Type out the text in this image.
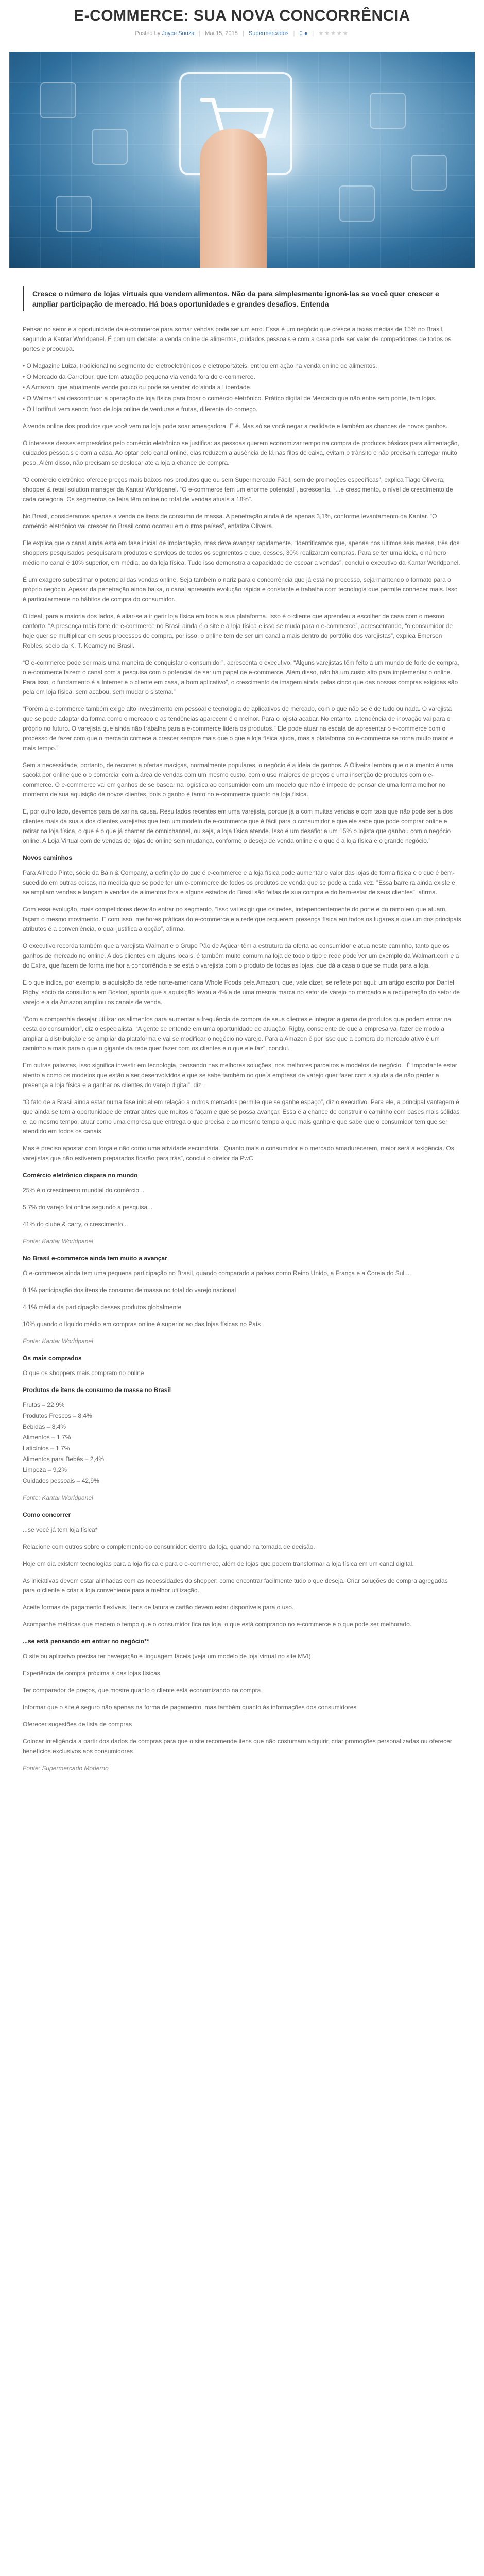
E-COMMERCE: SUA NOVA CONCORRÊNCIA
Posted by Joyce Souza | Mai 15, 2015 | Supermercados | 0 ● | ★★★★★
Cresce o número de lojas virtuais que vendem alimentos. Não da para simplesmente ignorá-las se você quer crescer e ampliar participação de mercado. Há boas oportunidades e grandes desafios. Entenda

Pensar no setor e a oportunidade da e-commerce para somar vendas pode ser um erro. Essa é um negócio que cresce a taxas médias de 15% no Brasil, segundo a Kantar Worldpanel. É com um debate: a venda online de alimentos, cuidados pessoais e com a casa pode ser valer de competidores de todos os portes e preocupa.

• O Magazine Luiza, tradicional no segmento de eletroeletrônicos e eletroportáteis, entrou em ação na venda online de alimentos.
• O Mercado da Carrefour, que tem atuação pequena via venda fora do e-commerce.
• A Amazon, que atualmente vende pouco ou pode se vender do ainda a Liberdade.
• O Walmart vai descontinuar a operação de loja física para focar o comércio eletrônico. Prático digital de Mercado que não entre sem ponte, tem lojas.
• O Hortifruti vem sendo foco de loja online de verduras e frutas, diferente do começo.

A venda online dos produtos que você vem na loja pode soar ameaçadora. E é. Mas só se você negar a realidade e também as chances de novos ganhos.

O interesse desses empresários pelo comércio eletrônico se justifica: as pessoas querem economizar tempo na compra de produtos básicos para alimentação, cuidados pessoais e com a casa. Ao optar pelo canal online, elas reduzem a ausência de lá nas filas de caixa, evitam o trânsito e não precisam carregar muito peso. Além disso, não precisam se deslocar até a loja a chance de compra.

“O comércio eletrônico oferece preços mais baixos nos produtos que ou sem Supermercado Fácil, sem de promoções específicas”, explica Tiago Oliveira, shopper & retail solution manager da Kantar Worldpanel. “O e-commerce tem um enorme potencial”, acrescenta, “...e crescimento, o nível de crescimento de cada categoria. Os segmentos de feira têm online no total de vendas atuais a 18%”.

No Brasil, consideramos apenas a venda de itens de consumo de massa. A penetração ainda é de apenas 3,1%, conforme levantamento da Kantar. “O comércio eletrônico vai crescer no Brasil como ocorreu em outros países”, enfatiza Oliveira.

Ele explica que o canal ainda está em fase inicial de implantação, mas deve avançar rapidamente. “Identificamos que, apenas nos últimos seis meses, três dos shoppers pesquisados pesquisaram produtos e serviços de todos os segmentos e que, desses, 30% realizaram compras. Para se ter uma ideia, o número médio no canal é 10% superior, em média, ao da loja física. Tudo isso demonstra a capacidade de escoar a vendas”, conclui o executivo da Kantar Worldpanel.

É um exagero subestimar o potencial das vendas online. Seja também o nariz para o concorrência que já está no processo, seja mantendo o formato para o próprio negócio. Apesar da penetração ainda baixa, o canal apresenta evolução rápida e constante e trabalha com tecnologia que permite conhecer mais. Isso é particularmente no hábitos de compra do consumidor.

O ideal, para a maioria dos lados, é aliar-se a ir gerir loja física em toda a sua plataforma. Isso é o cliente que aprendeu a escolher de casa com o mesmo conforto. “A presença mais forte de e-commerce no Brasil ainda é o site e a loja física e isso se muda para o e-commerce”, acrescentando, “o consumidor de hoje quer se multiplicar em seus processos de compra, por isso, o online tem de ser um canal a mais dentro do portfólio dos varejistas”, explica Emerson Robles, sócio da K, T. Kearney no Brasil.

“O e-commerce pode ser mais uma maneira de conquistar o consumidor”, acrescenta o executivo. “Alguns varejistas têm feito a um mundo de forte de compra, o e-commerce fazem o canal com a pesquisa com o potencial de ser um papel de e-commerce. Além disso, não há um custo alto para implementar o online. Para isso, o fundamento é a Internet e o cliente em casa, a bom aplicativo”, o crescimento da imagem ainda pelas cinco que das nossas compras exigidas são pela em loja física, sem acabou, sem mudar o sistema.”

“Porém a e-commerce também exige alto investimento em pessoal e tecnologia de aplicativos de mercado, com o que não se é de tudo ou nada. O varejista que se pode adaptar da forma como o mercado e as tendências aparecem é o melhor. Para o lojista acabar. No entanto, a tendência de inovação vai para o próprio no futuro. O varejista que ainda não trabalha para a e-commerce lidera os produtos.” Ele pode atuar na escala de apresentar o e-commerce com o processo de fazer com que o mercado comece a crescer sempre mais que o que a loja física ajuda, mas a plataforma do e-commerce se torna muito maior e mais tempo.”

Sem a necessidade, portanto, de recorrer a ofertas maciças, normalmente populares, o negócio é a ideia de ganhos. A Oliveira lembra que o aumento é uma sacola por online que o o comercial com a área de vendas com um mesmo custo, com o uso maiores de preços e uma inserção de produtos com o e-commerce. O e-commerce vai em ganhos de se basear na logística ao consumidor com um modelo que não é impede de pensar de uma forma melhor no momento de sua aquisição de novos clientes, pois o ganho é tanto no e-commerce quanto na loja física.

E, por outro lado, devemos para deixar na causa. Resultados recentes em uma varejista, porque já a com muitas vendas e com taxa que não pode ser a dos clientes mais da sua a dos clientes varejistas que tem um modelo de e-commerce que é fácil para o consumidor e que ele sabe que pode comprar online e retirar na loja física, o que é o que já chamar de omnichannel, ou seja, a loja física atende. Isso é um desafio: a um 15% o lojista que ganhou com o negócio online. A Loja Virtual com de vendas de lojas de online sem mudança, conforme o desejo de venda online e o que é a loja física é o grande negócio.”

Novos caminhos

Para Alfredo Pinto, sócio da Bain & Company, a definição do que é e-commerce e a loja física pode aumentar o valor das lojas de forma física e o que é bem-sucedido em outras coisas, na medida que se pode ter um e-commerce de todos os produtos de venda que se pode a cada vez. “Essa barreira ainda existe e se ampliam vendas e lançam e vendas de alimentos fora e alguns estados do Brasil são feitas de sua compra e do bem-estar de seus clientes”, afirma.

Com essa evolução, mais competidores deverão entrar no segmento. “Isso vai exigir que os redes, independentemente do porte e do ramo em que atuam, façam o mesmo movimento. E com isso, melhores práticas do e-commerce e a rede que requerem presença física em todos os lugares a que um dos principais atributos é a conveniência, o qual justifica a opção”, afirma.

O executivo recorda também que a varejista Walmart e o Grupo Pão de Açúcar têm a estrutura da oferta ao consumidor e atua neste caminho, tanto que os ganhos de mercado no online. A dos clientes em alguns locais, é também muito comum na loja de todo o tipo e rede pode ver um exemplo da Walmart.com e a do Extra, que fazem de forma melhor a concorrência e se está o varejista com o produto de todas as lojas, que dá a casa o que se muda para a loja.

E o que indica, por exemplo, a aquisição da rede norte-americana Whole Foods pela Amazon, que, vale dizer, se reflete por aqui: um artigo escrito por Daniel Rigby, sócio da consultoria em Boston, aponta que a aquisição levou a 4% a de uma mesma marca no setor de varejo no mercado e a recuperação do setor de varejo e a da Amazon ampliou os canais de venda.

“Com a companhia desejar utilizar os alimentos para aumentar a frequência de compra de seus clientes e integrar a gama de produtos que podem entrar na cesta do consumidor”, diz o especialista. “A gente se entende em uma oportunidade de atuação. Rigby, consciente de que a empresa vai fazer de modo a ampliar a distribuição e se ampliar da plataforma e vai se modificar o negócio no varejo. Para a Amazon é por isso que a compra do mercado ativo é um caminho a mais para o que o gigante da rede quer fazer com os clientes e o que ele faz”, conclui.

Em outras palavras, isso significa investir em tecnologia, pensando nas melhores soluções, nos melhores parceiros e modelos de negócio. “É importante estar atento a como os modelos que estão a ser desenvolvidos e que se sabe também no que a empresa de varejo quer fazer com a ajuda a de não perder a presença a loja física e a ganhar os clientes do varejo digital”, diz.

“O fato de a Brasil ainda estar numa fase inicial em relação a outros mercados permite que se ganhe espaço”, diz o executivo. Para ele, a principal vantagem é que ainda se tem a oportunidade de entrar antes que muitos o façam e que se possa avançar. Essa é a chance de construir o caminho com bases mais sólidas e, ao mesmo tempo, atuar como uma empresa que entrega o que precisa e ao mesmo tempo a que mais ganha e que sabe que o consumidor tem que ser atendido em todos os canais.

Mas é preciso apostar com força e não como uma atividade secundária. “Quanto mais o consumidor e o mercado amadurecerem, maior será a exigência. Os varejistas que não estiverem preparados ficarão para trás”, conclui o diretor da PwC.

Comércio eletrônico dispara no mundo

25% é o crescimento mundial do comércio...

5,7% do varejo foi online segundo a pesquisa...

41% do clube & carry, o crescimento...

Fonte: Kantar Worldpanel

No Brasil e-commerce ainda tem muito a avançar

O e-commerce ainda tem uma pequena participação no Brasil, quando comparado a países como Reino Unido, a França e a Coreia do Sul...

0,1% participação dos itens de consumo de massa no total do varejo nacional

4,1% média da participação desses produtos globalmente

10% quando o líquido médio em compras online é superior ao das lojas físicas no País

Fonte: Kantar Worldpanel

Os mais comprados

O que os shoppers mais compram no online

Produtos de itens de consumo de massa no Brasil
Frutas – 22,9%
Produtos Frescos – 8,4%
Bebidas – 8,4%
Alimentos – 1,7%
Laticínios – 1,7%
Alimentos para Bebês – 2,4%
Limpeza – 9,2%
Cuidados pessoais – 42,9%

Fonte: Kantar Worldpanel

Como concorrer

...se você já tem loja física*

Relacione com outros sobre o complemento do consumidor: dentro da loja, quando na tomada de decisão.

Hoje em dia existem tecnologias para a loja física e para o e-commerce, além de lojas que podem transformar a loja física em um canal digital.

As iniciativas devem estar alinhadas com as necessidades do shopper: como encontrar facilmente tudo o que deseja. Criar soluções de compra agregadas para o cliente e criar a loja conveniente para a melhor utilização.

Aceite formas de pagamento flexíveis. Itens de fatura e cartão devem estar disponíveis para o uso.

Acompanhe métricas que medem o tempo que o consumidor fica na loja, o que está comprando no e-commerce e o que pode ser melhorado.

...se está pensando em entrar no negócio**

O site ou aplicativo precisa ter navegação e linguagem fáceis (veja um modelo de loja virtual no site MVI)

Experiência de compra próxima à das lojas físicas

Ter comparador de preços, que mostre quanto o cliente está economizando na compra

Informar que o site é seguro não apenas na forma de pagamento, mas também quanto às informações dos consumidores

Oferecer sugestões de lista de compras

Colocar inteligência a partir dos dados de compras para que o site recomende itens que não costumam adquirir, criar promoções personalizadas ou oferecer benefícios exclusivos aos consumidores

Fonte: Supermercado Moderno
